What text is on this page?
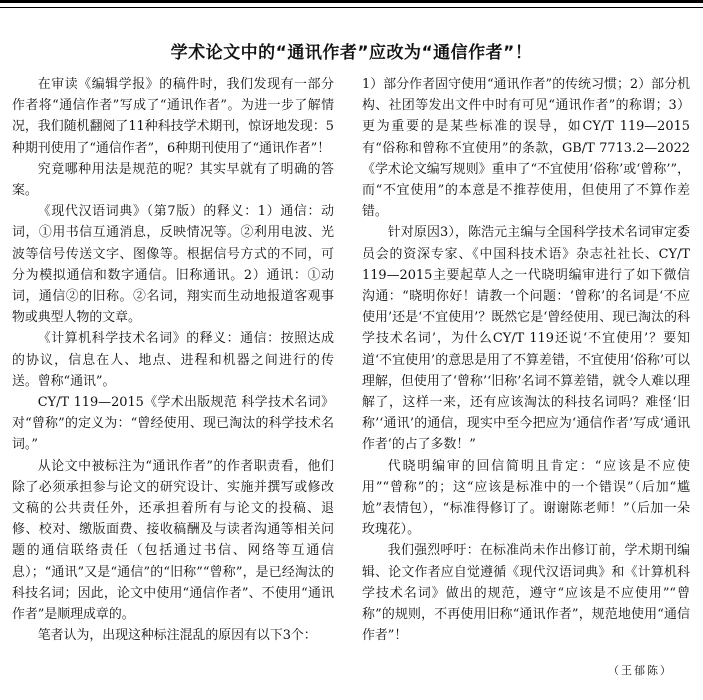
学术论文中的“通讯作者”应改为“通信作者”！

在审读《编辑学报》的稿件时，我们发现有一部分作者将“通信作者”写成了“通讯作者”。为进一步了解情况，我们随机翻阅了11种科技学术期刊，惊讶地发现：5种期刊使用了“通信作者”，6种期刊使用了“通讯作者”！

究竟哪种用法是规范的呢？其实早就有了明确的答案。

《现代汉语词典》（第7版）的释义：1）通信：动词，①用书信互通消息，反映情况等。②利用电波、光波等信号传送文字、图像等。根据信号方式的不同，可分为模拟通信和数字通信。旧称通讯。2）通讯：①动词，通信②的旧称。②名词，翔实而生动地报道客观事物或典型人物的文章。

《计算机科学技术名词》的释义：通信：按照达成的协议，信息在人、地点、进程和机器之间进行的传送。曾称“通讯”。

CY/T 119—2015《学术出版规范 科学技术名词》对“曾称”的定义为：“曾经使用、现已淘汰的科学技术名词。”

从论文中被标注为“通讯作者”的作者职责看，他们除了必须承担参与论文的研究设计、实施并撰写或修改文稿的公共责任外，还承担着所有与论文的投稿、退修、校对、缴版面费、接收稿酬及与读者沟通等相关问题的通信联络责任（包括通过书信、网络等互通信息）；“通讯”又是“通信”的“旧称”“曾称”，是已经淘汰的科技名词；因此，论文中使用“通信作者”、不使用“通讯作者”是顺理成章的。

笔者认为，出现这种标注混乱的原因有以下3个：

1）部分作者固守使用“通讯作者”的传统习惯；2）部分机构、社团等发出文件中时有可见“通讯作者”的称谓；3）更为重要的是某些标准的误导，如CY/T 119—2015有“俗称和曾称不宜使用”的条款，GB/T 7713.2—2022《学术论文编写规则》重申了“不宜使用‘俗称’或‘曾称’”，而“不宜使用”的本意是不推荐使用，但使用了不算作差错。

针对原因3），陈浩元主编与全国科学技术名词审定委员会的资深专家、《中国科技术语》杂志社社长、CY/T 119—2015主要起草人之一代晓明编审进行了如下微信沟通：“晓明你好！请教一个问题：‘曾称’的名词是‘不应使用’还是‘不宜使用’？既然它是‘曾经使用、现已淘汰的科学技术名词’，为什么CY/T 119还说‘不宜使用’？要知道‘不宜使用’的意思是用了不算差错，不宜使用‘俗称’可以理解，但使用了‘曾称’‘旧称’名词不算差错，就令人难以理解了，这样一来，还有应该淘汰的科技名词吗？难怪‘旧称’‘通讯’的通信，现实中至今把应为‘通信作者’写成‘通讯作者’的占了多数！”

代晓明编审的回信简明且肯定：“应该是不应使用”“曾称”的；这“应该是标准中的一个错误”（后加“尴尬”表情包），“标准得修订了。谢谢陈老师！”（后加一朵玫瑰花）。

我们强烈呼吁：在标准尚未作出修订前，学术期刊编辑、论文作者应自觉遵循《现代汉语词典》和《计算机科学技术名词》做出的规范，遵守“应该是不应使用”“曾称”的规则，不再使用旧称“通讯作者”，规范地使用“通信作者”！

（王郁陈）
